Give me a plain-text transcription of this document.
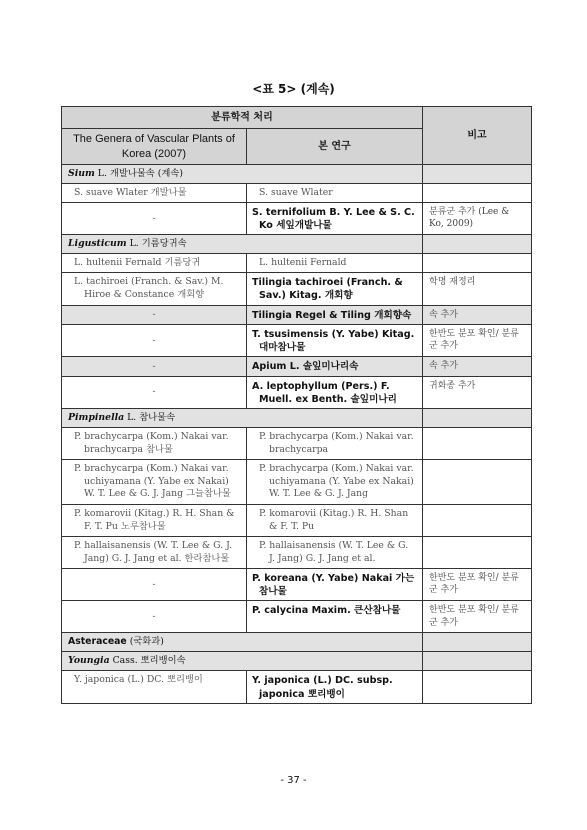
<표 5> (계속)
분류학적 처리		비고
The Genera of Vascular Plants of Korea (2007)	본 연구	
Sium L. 개발나물속 (계속)		
S. suave Wlater 개발나물	S. suave Wlater	
-	S. ternifolium B. Y. Lee & S. C. Ko 세잎개발나물	분류군 추가 (Lee & Ko, 2009)
Ligusticum L. 기름당귀속		
L. hultenii Fernald 기름당귀	L. hultenii Fernald	
L. tachiroei (Franch. & Sav.) M. Hiroe & Constance 개회향	Tilingia tachiroei (Franch. & Sav.) Kitag. 개회향	학명 재정리
-	Tilingia Regel & Tiling 개회향속	속 추가
-	T. tsusimensis (Y. Yabe) Kitag. 대마참나물	한반도 분포 확인/ 분류군 추가
-	Apium L. 솔잎미나리속	속 추가
-	A. leptophyllum (Pers.) F. Muell. ex Benth. 솔잎미나리	귀화종 추가
Pimpinella L. 참나물속		
P. brachycarpa (Kom.) Nakai var. brachycarpa 참나물	P. brachycarpa (Kom.) Nakai var. brachycarpa	
P. brachycarpa (Kom.) Nakai var. uchiyamana (Y. Yabe ex Nakai) W. T. Lee & G. J. Jang 그늘참나물	P. brachycarpa (Kom.) Nakai var. uchiyamana (Y. Yabe ex Nakai) W. T. Lee & G. J. Jang	
P. komarovii (Kitag.) R. H. Shan & F. T. Pu 노루참나물	P. komarovii (Kitag.) R. H. Shan & F. T. Pu	
P. hallaisanensis (W. T. Lee & G. J. Jang) G. J. Jang et al. 한라참나물	P. hallaisanensis (W. T. Lee & G. J. Jang) G. J. Jang et al.	
-	P. koreana (Y. Yabe) Nakai 가는참나물	한반도 분포 확인/ 분류군 추가
-	P. calycina Maxim. 큰산참나물	한반도 분포 확인/ 분류군 추가
Asteraceae (국화과)		
Youngia Cass. 뽀리뱅이속		
Y. japonica (L.) DC. 뽀리뱅이	Y. japonica (L.) DC. subsp. japonica 뽀리뱅이	
- 37 -
